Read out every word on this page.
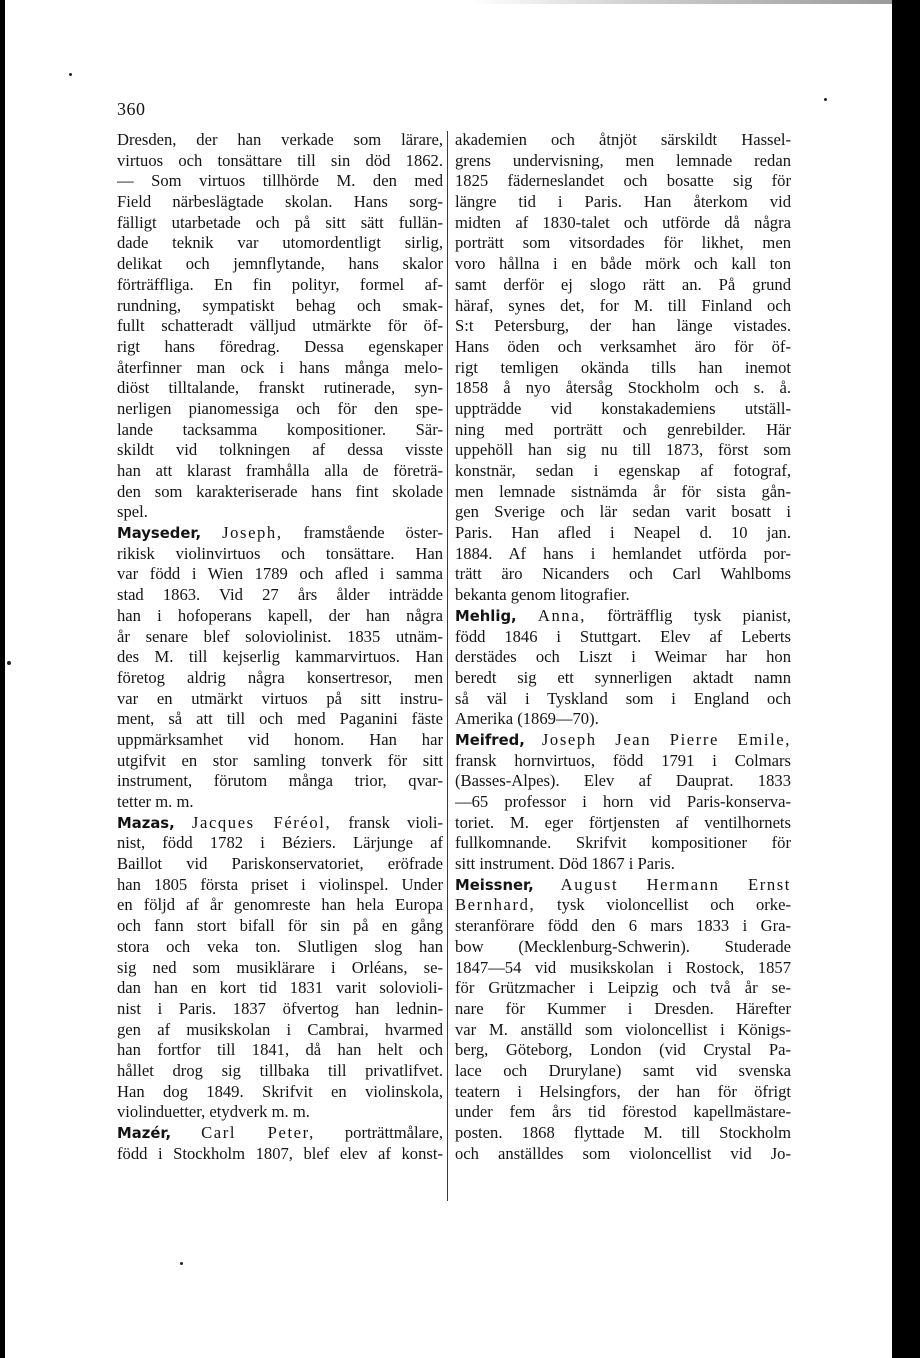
360
Dresden, der han verkade som lärare,
virtuos och tonsättare till sin död 1862.
— Som virtuos tillhörde M. den med
Field närbeslägtade skolan. Hans sorg-
fälligt utarbetade och på sitt sätt fullän-
dade teknik var utomordentligt sirlig,
delikat och jemnflytande, hans skalor
förträffliga. En fin polityr, formel af-
rundning, sympatiskt behag och smak-
fullt schatteradt välljud utmärkte för öf-
rigt hans föredrag. Dessa egenskaper
återfinner man ock i hans många melo-
diöst tilltalande, franskt rutinerade, syn-
nerligen pianomessiga och för den spe-
lande tacksamma kompositioner. Sär-
skildt vid tolkningen af dessa visste
han att klarast framhålla alla de företrä-
den som karakteriserade hans fint skolade
spel.
Mayseder, Joseph, framstående öster-
rikisk violinvirtuos och tonsättare. Han
var född i Wien 1789 och afled i samma
stad 1863. Vid 27 års ålder inträdde
han i hofoperans kapell, der han några
år senare blef soloviolinist. 1835 utnäm-
des M. till kejserlig kammarvirtuos. Han
företog aldrig några konsertresor, men
var en utmärkt virtuos på sitt instru-
ment, så att till och med Paganini fäste
uppmärksamhet vid honom. Han har
utgifvit en stor samling tonverk för sitt
instrument, förutom många trior, qvar-
tetter m. m.
Mazas, Jacques Féréol, fransk violi-
nist, född 1782 i Béziers. Lärjunge af
Baillot vid Pariskonservatoriet, eröfrade
han 1805 första priset i violinspel. Under
en följd af år genomreste han hela Europa
och fann stort bifall för sin på en gång
stora och veka ton. Slutligen slog han
sig ned som musiklärare i Orléans, se-
dan han en kort tid 1831 varit solovioli-
nist i Paris. 1837 öfvertog han lednin-
gen af musikskolan i Cambrai, hvarmed
han fortfor till 1841, då han helt och
hållet drog sig tillbaka till privatlifvet.
Han dog 1849. Skrifvit en violinskola,
violinduetter, etydverk m. m.
Mazér, Carl Peter, porträttmålare,
född i Stockholm 1807, blef elev af konst-
akademien och åtnjöt särskildt Hassel-
grens undervisning, men lemnade redan
1825 fäderneslandet och bosatte sig för
längre tid i Paris. Han återkom vid
midten af 1830-talet och utförde då några
porträtt som vitsordades för likhet, men
voro hållna i en både mörk och kall ton
samt derför ej slogo rätt an. På grund
häraf, synes det, for M. till Finland och
S:t Petersburg, der han länge vistades.
Hans öden och verksamhet äro för öf-
rigt temligen okända tills han inemot
1858 å nyo återsåg Stockholm och s. å.
uppträdde vid konstakademiens utställ-
ning med porträtt och genrebilder. Här
uppehöll han sig nu till 1873, först som
konstnär, sedan i egenskap af fotograf,
men lemnade sistnämda år för sista gån-
gen Sverige och lär sedan varit bosatt i
Paris. Han afled i Neapel d. 10 jan.
1884. Af hans i hemlandet utförda por-
trätt äro Nicanders och Carl Wahlboms
bekanta genom litografier.
Mehlig, Anna, förträfflig tysk pianist,
född 1846 i Stuttgart. Elev af Leberts
derstädes och Liszt i Weimar har hon
beredt sig ett synnerligen aktadt namn
så väl i Tyskland som i England och
Amerika (1869—70).
Meifred, Joseph Jean Pierre Emile,
fransk hornvirtuos, född 1791 i Colmars
(Basses-Alpes). Elev af Dauprat. 1833
—65 professor i horn vid Paris-konserva-
toriet. M. eger förtjensten af ventilhornets
fullkomnande. Skrifvit kompositioner för
sitt instrument. Död 1867 i Paris.
Meissner, August Hermann Ernst
Bernhard, tysk violoncellist och orke-
steranförare född den 6 mars 1833 i Gra-
bow (Mecklenburg-Schwerin). Studerade
1847—54 vid musikskolan i Rostock, 1857
för Grützmacher i Leipzig och två år se-
nare för Kummer i Dresden. Härefter
var M. anställd som violoncellist i Königs-
berg, Göteborg, London (vid Crystal Pa-
lace och Drurylane) samt vid svenska
teatern i Helsingfors, der han för öfrigt
under fem års tid förestod kapellmästare-
posten. 1868 flyttade M. till Stockholm
och anställdes som violoncellist vid Jo-
